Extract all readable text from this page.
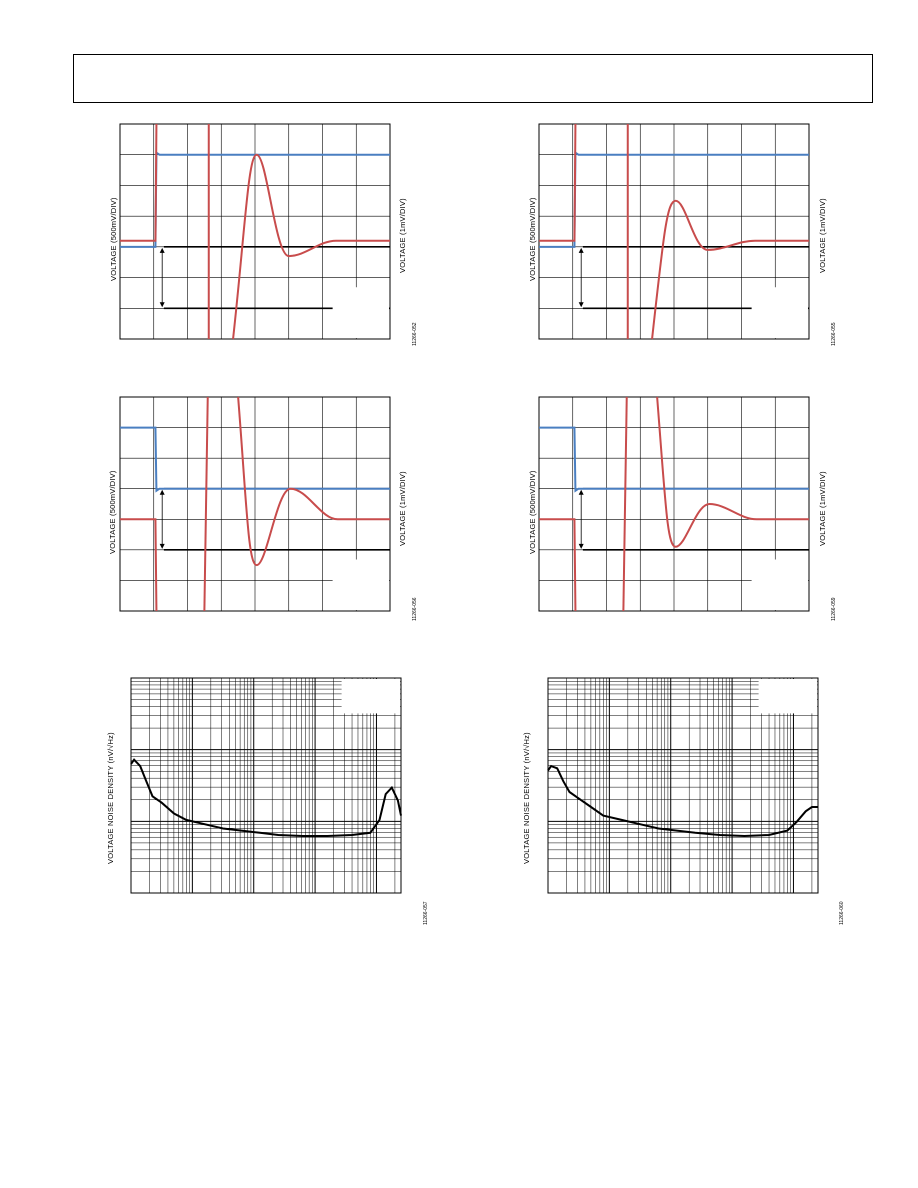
VOLTAGE (500mV/DIV)	VOLTAGE (1mV/DIV)
11266-052
VOLTAGE (500mV/DIV)	VOLTAGE (1mV/DIV)
11266-055
VOLTAGE (500mV/DIV)	VOLTAGE (1mV/DIV)
11266-056
VOLTAGE (500mV/DIV)	VOLTAGE (1mV/DIV)
11266-059
VOLTAGE NOISE DENSITY (nV/√Hz)
11266-057
VOLTAGE NOISE DENSITY (nV/√Hz)
11266-060
